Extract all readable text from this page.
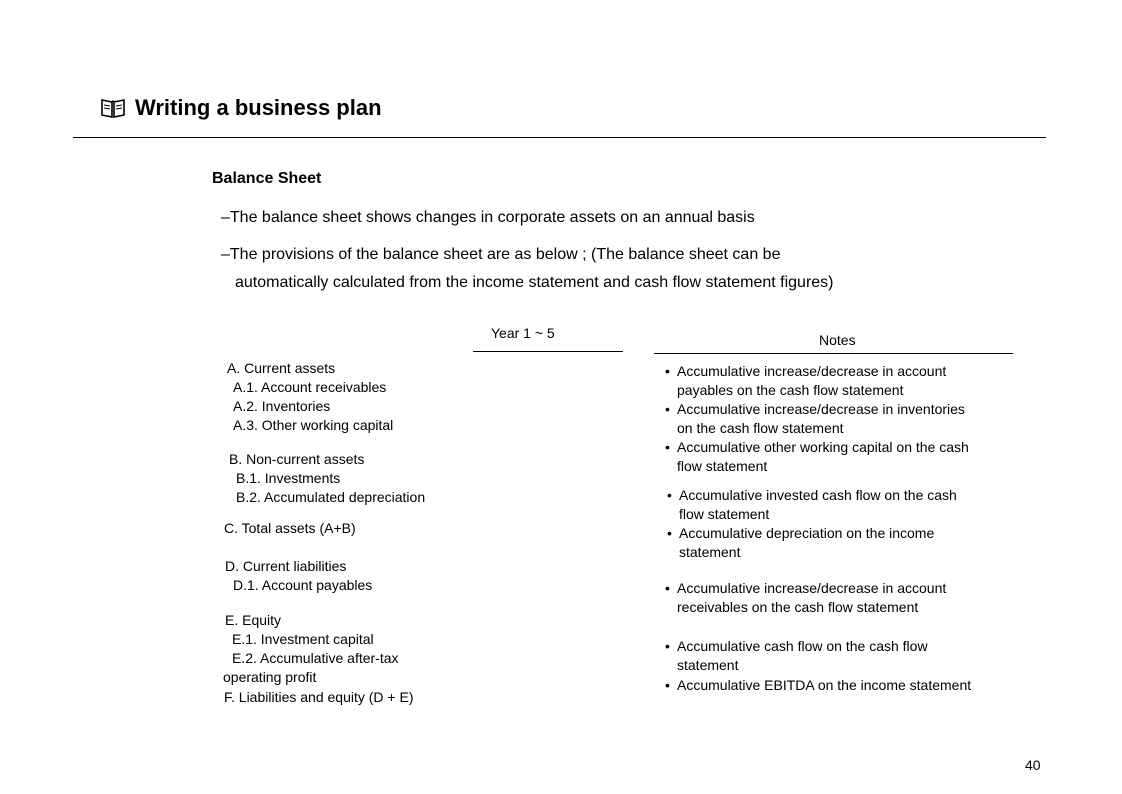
Writing a business plan
Balance Sheet
–The balance sheet shows changes in corporate assets on an annual basis
–The provisions of the balance sheet are as below ; (The balance sheet can be
automatically calculated from the income statement and cash flow statement figures)
Year 1 ~ 5	Notes
A. Current assets
A.1. Account receivables
A.2. Inventories
A.3. Other working capital
B. Non-current assets
B.1. Investments
B.2. Accumulated depreciation
C. Total assets (A+B)
D. Current liabilities
D.1. Account payables
E. Equity
E.1. Investment capital
E.2. Accumulative after-tax
operating profit
F. Liabilities and equity (D + E)
• Accumulative increase/decrease in account
payables on the cash flow statement
• Accumulative increase/decrease in inventories
on the cash flow statement
• Accumulative other working capital on the cash
flow statement
• Accumulative invested cash flow on the cash
flow statement
• Accumulative depreciation on the income
statement
• Accumulative increase/decrease in account
receivables on the cash flow statement
• Accumulative cash flow on the cash flow
statement
• Accumulative EBITDA on the income statement
40
